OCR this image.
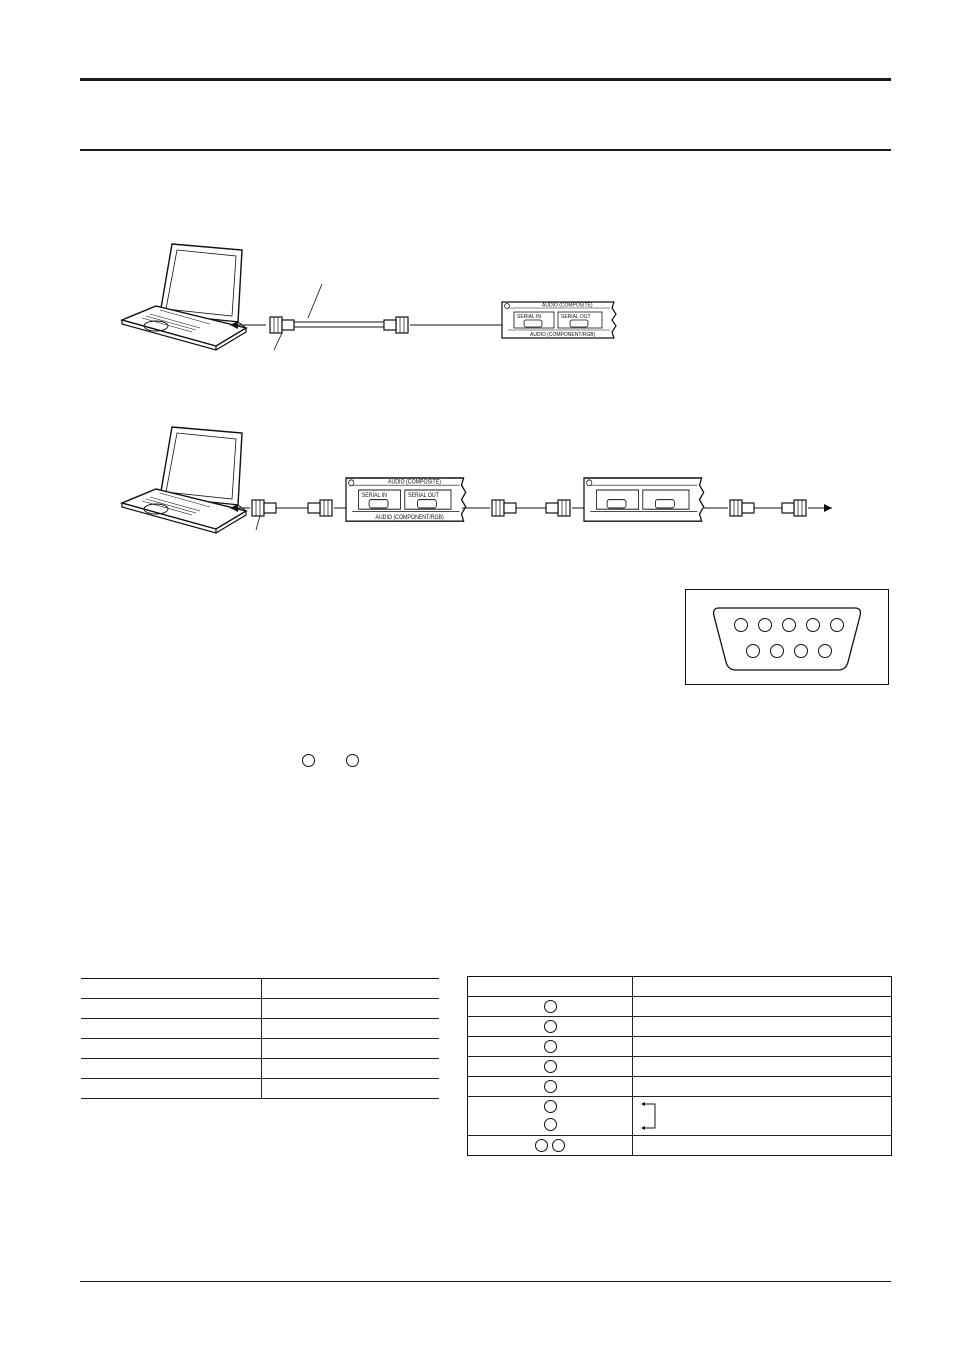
AUDIO (COMPOSITE)
SERIAL IN	SERIAL OUT
AUDIO (COMPONENT/RGB)
AUDIO (COMPOSITE)
SERIAL IN	SERIAL OUT
AUDIO (COMPONENT/RGB)
